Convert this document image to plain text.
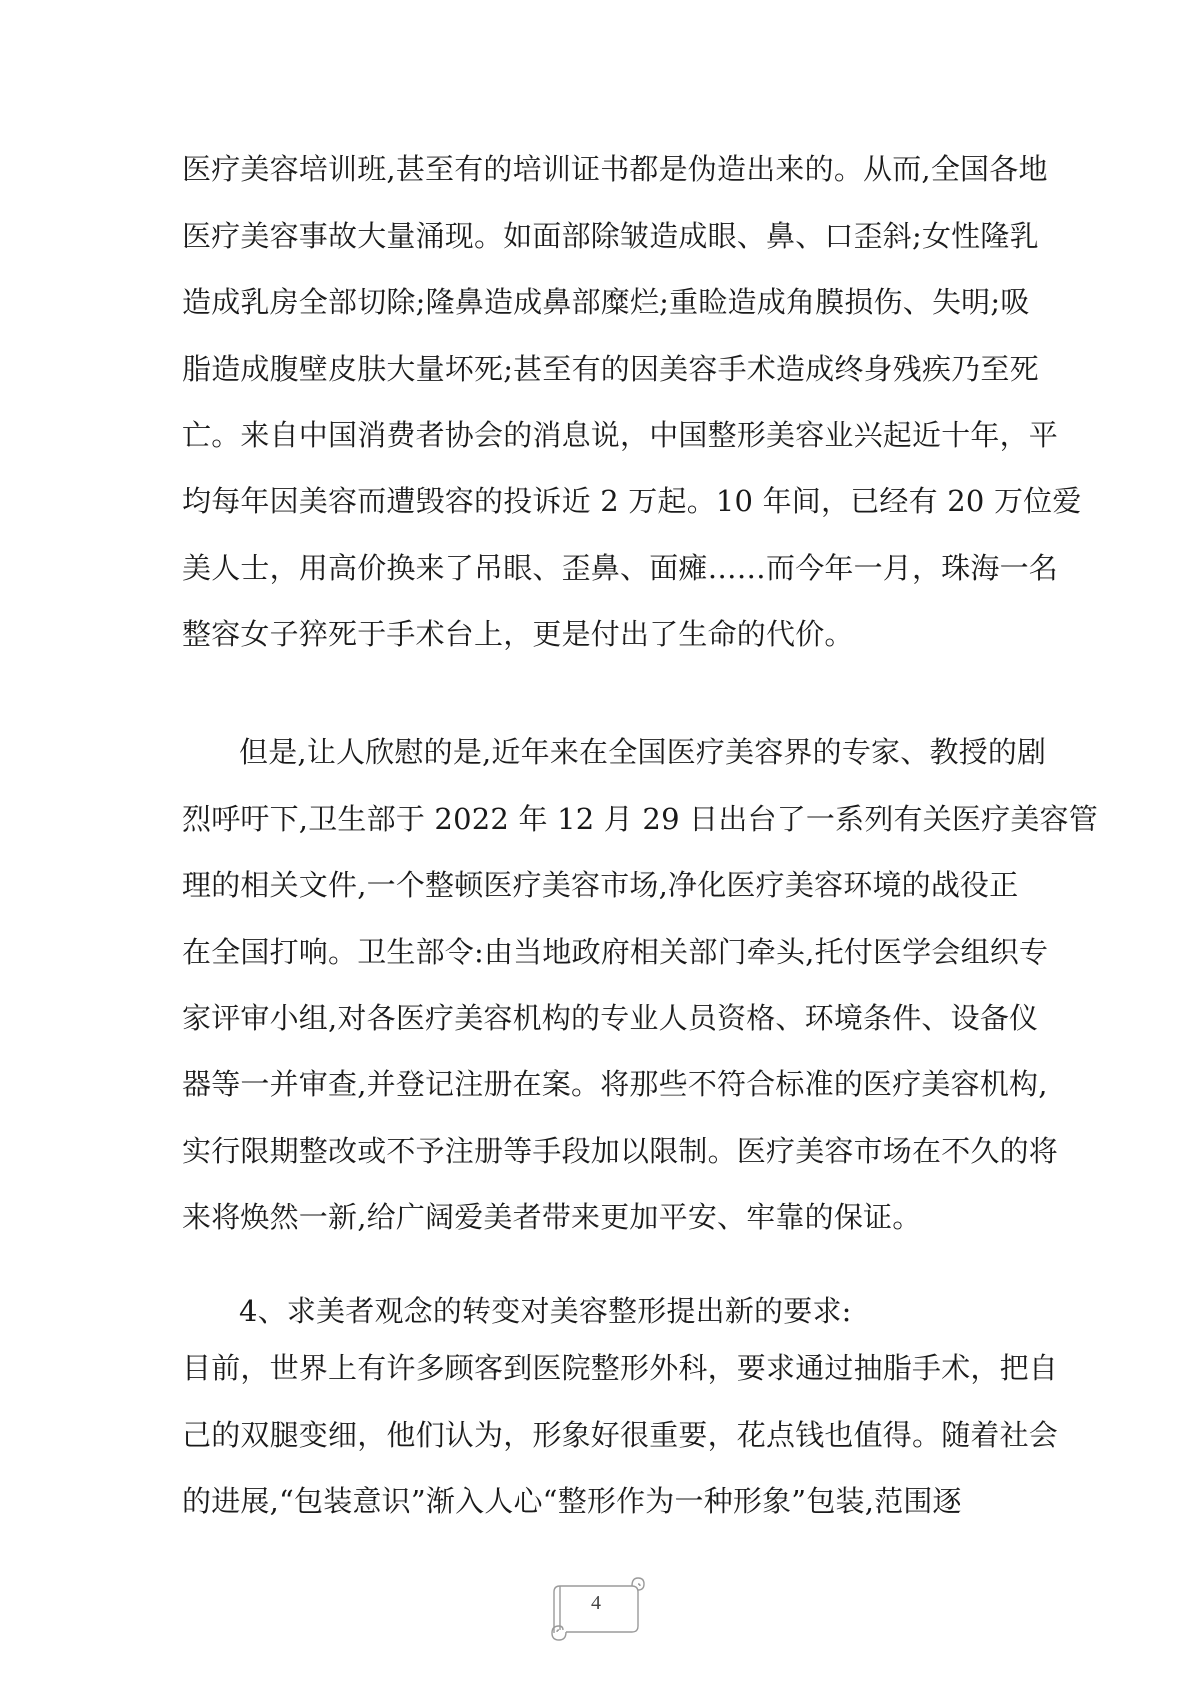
医疗美容培训班,甚至有的培训证书都是伪造出来的。从而,全国各地
医疗美容事故大量涌现。如面部除皱造成眼、鼻、口歪斜;女性隆乳
造成乳房全部切除;隆鼻造成鼻部糜烂;重睑造成角膜损伤、失明;吸
脂造成腹壁皮肤大量坏死;甚至有的因美容手术造成终身残疾乃至死
亡。来自中国消费者协会的消息说，中国整形美容业兴起近十年，平
均每年因美容而遭毁容的投诉近 2 万起。10 年间，已经有 20 万位爱
美人士，用高价换来了吊眼、歪鼻、面瘫……而今年一月，珠海一名
整容女子猝死于手术台上，更是付出了生命的代价。
但是,让人欣慰的是,近年来在全国医疗美容界的专家、教授的剧
烈呼吁下,卫生部于 2022 年 12 月 29 日出台了一系列有关医疗美容管
理的相关文件,一个整顿医疗美容市场,净化医疗美容环境的战役正
在全国打响。卫生部令:由当地政府相关部门牵头,托付医学会组织专
家评审小组,对各医疗美容机构的专业人员资格、环境条件、设备仪
器等一并审查,并登记注册在案。将那些不符合标准的医疗美容机构,
实行限期整改或不予注册等手段加以限制。医疗美容市场在不久的将
来将焕然一新,给广阔爱美者带来更加平安、牢靠的保证。
4、求美者观念的转变对美容整形提出新的要求:
目前，世界上有许多顾客到医院整形外科，要求通过抽脂手术，把自
己的双腿变细，他们认为，形象好很重要，花点钱也值得。随着社会
的进展,“包装意识”渐入人心“整形作为一种形象”包装,范围逐
4
